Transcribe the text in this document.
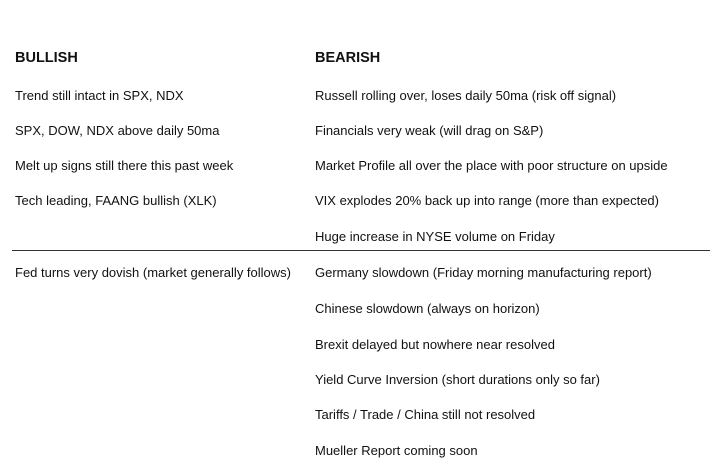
BULLISH	BEARISH
Trend still intact in SPX, NDX
SPX, DOW, NDX above daily 50ma
Melt up signs still there this past week
Tech leading, FAANG bullish (XLK)
Russell rolling over, loses daily 50ma (risk off signal)
Financials very weak (will drag on S&P)
Market Profile all over the place with poor structure on upside
VIX explodes 20% back up into range (more than expected)
Huge increase in NYSE volume on Friday
Fed turns very dovish (market generally follows) Germany slowdown (Friday morning manufacturing report)
Chinese slowdown (always on horizon)
Brexit delayed but nowhere near resolved
Yield Curve Inversion (short durations only so far)
Tariffs / Trade / China still not resolved
Mueller Report coming soon
